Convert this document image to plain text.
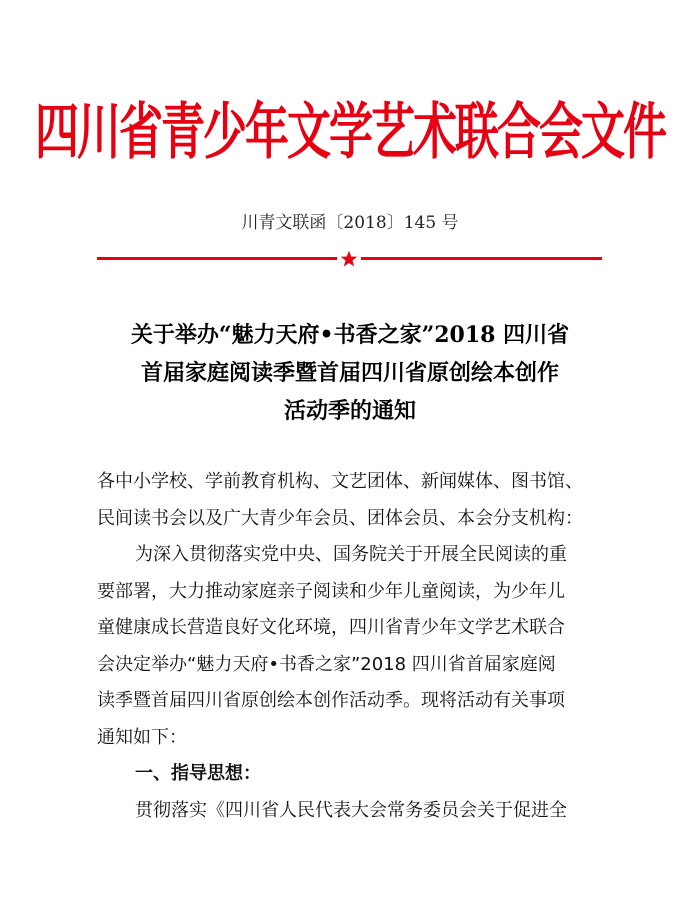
四川省青少年文学艺术联合会文件
川青文联函〔2018〕145 号
关于举办“魅力天府•书香之家”2018 四川省
首届家庭阅读季暨首届四川省原创绘本创作
活动季的通知
各中小学校、学前教育机构、文艺团体、新闻媒体、图书馆、
民间读书会以及广大青少年会员、团体会员、本会分支机构：
为深入贯彻落实党中央、国务院关于开展全民阅读的重
要部署，大力推动家庭亲子阅读和少年儿童阅读，为少年儿
童健康成长营造良好文化环境，四川省青少年文学艺术联合
会决定举办“魅力天府•书香之家”2018 四川省首届家庭阅
读季暨首届四川省原创绘本创作活动季。现将活动有关事项
通知如下：
一、指导思想：
贯彻落实《四川省人民代表大会常务委员会关于促进全
